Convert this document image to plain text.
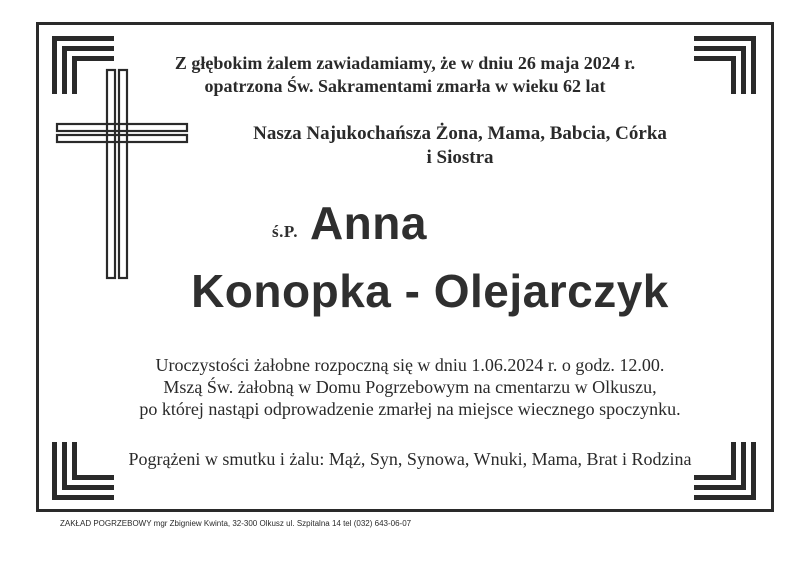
Z głębokim żalem zawiadamiamy, że w dniu 26 maja 2024 r.
opatrzona Św. Sakramentami zmarła w wieku 62 lat
Nasza Najukochańsza Żona, Mama, Babcia, Córka
i Siostra
ś.P. Anna
Konopka - Olejarczyk
Uroczystości żałobne rozpoczną się w dniu 1.06.2024 r. o godz. 12.00.
Mszą Św. żałobną w Domu Pogrzebowym na cmentarzu w Olkuszu,
po której nastąpi odprowadzenie zmarłej na miejsce wiecznego spoczynku.
Pogrążeni w smutku i żalu: Mąż, Syn, Synowa, Wnuki, Mama, Brat i Rodzina
ZAKŁAD POGRZEBOWY mgr Zbigniew Kwinta, 32-300 Olkusz ul. Szpitalna 14 tel (032) 643-06-07
